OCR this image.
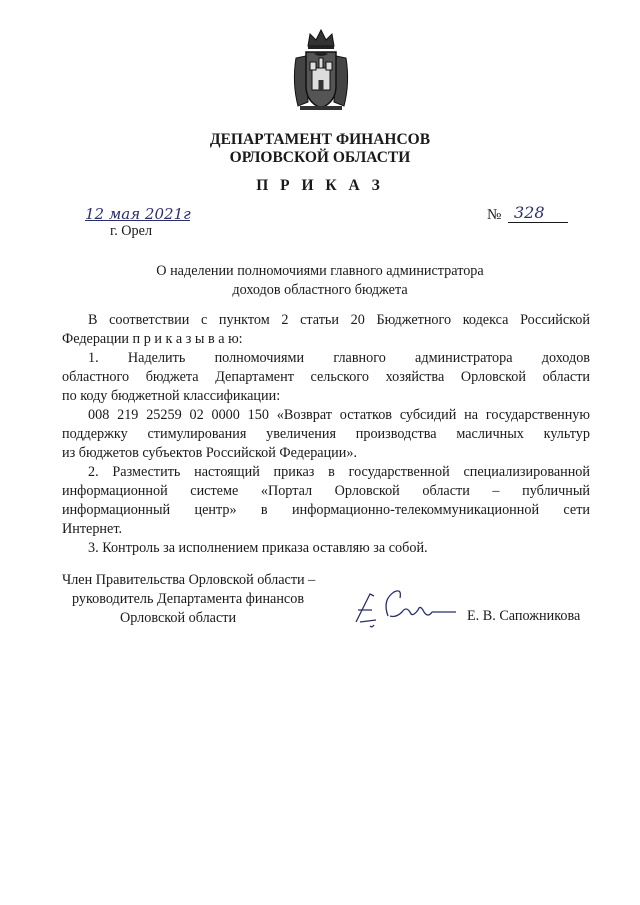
ДЕПАРТАМЕНТ ФИНАНСОВ
ОРЛОВСКОЙ ОБЛАСТИ
П Р И К А З
12 мая 2021г
г. Орел
№ 328
О наделении полномочиями главного администратора
доходов областного бюджета
В соответствии с пунктом 2 статьи 20 Бюджетного кодекса Российской
Федерации п р и к а з ы в а ю:
1. Наделить полномочиями главного администратора доходов
областного бюджета Департамент сельского хозяйства Орловской области
по коду бюджетной классификации:
008 219 25259 02 0000 150 «Возврат остатков субсидий на государственную
поддержку стимулирования увеличения производства масличных культур
из бюджетов субъектов Российской Федерации».
2. Разместить настоящий приказ в государственной специализированной
информационной системе «Портал Орловской области – публичный
информационный центр» в информационно-телекоммуникационной сети
Интернет.
3. Контроль за исполнением приказа оставляю за собой.
Член Правительства Орловской области –
руководитель Департамента финансов
Орловской области	Е. В. Сапожникова
